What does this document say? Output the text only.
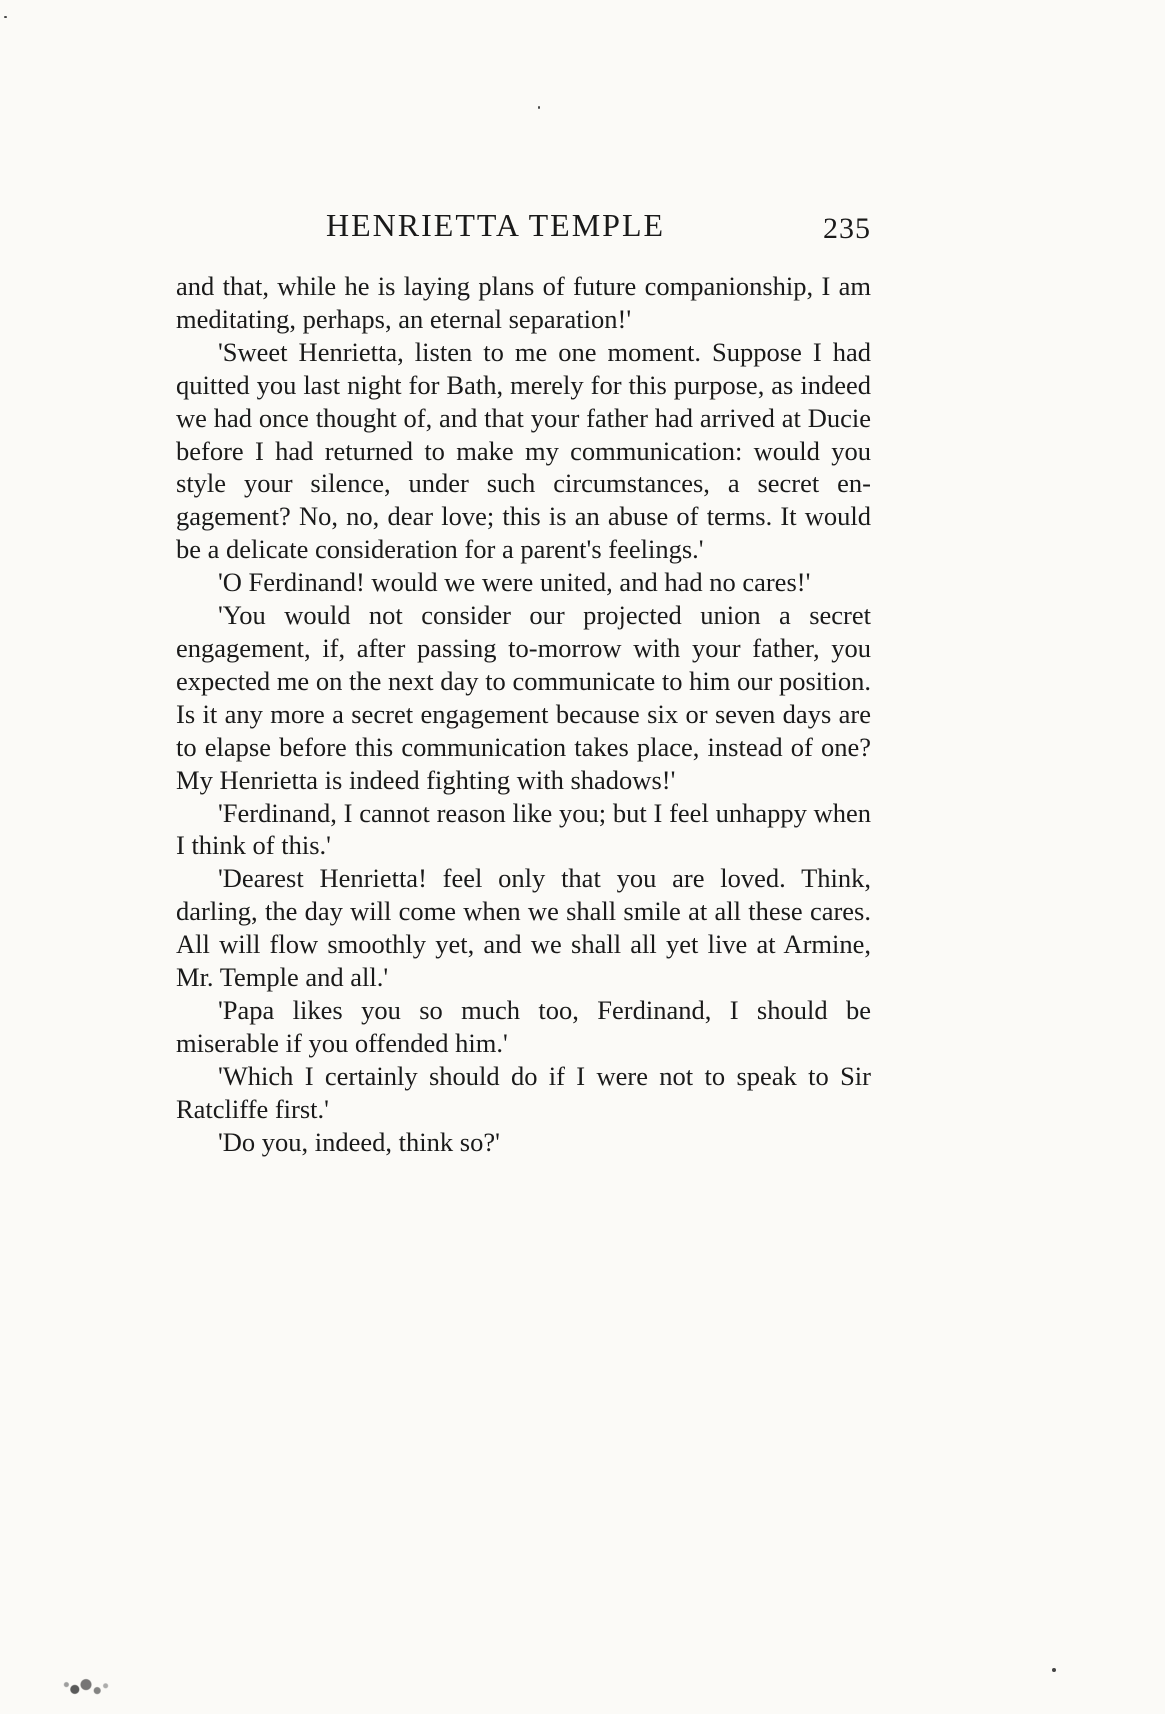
HENRIETTA TEMPLE	235

and that, while he is laying plans of future companionship, I am meditating, perhaps, an eternal separation!'

'Sweet Henrietta, listen to me one moment. Suppose I had quitted you last night for Bath, merely for this purpose, as indeed we had once thought of, and that your father had arrived at Ducie before I had returned to make my communication: would you style your silence, under such circumstances, a secret engagement? No, no, dear love; this is an abuse of terms. It would be a delicate consideration for a parent's feelings.'

'O Ferdinand! would we were united, and had no cares!'

'You would not consider our projected union a secret engagement, if, after passing to-morrow with your father, you expected me on the next day to communicate to him our position. Is it any more a secret engagement because six or seven days are to elapse before this communication takes place, instead of one? My Henrietta is indeed fighting with shadows!'

'Ferdinand, I cannot reason like you; but I feel unhappy when I think of this.'

'Dearest Henrietta! feel only that you are loved. Think, darling, the day will come when we shall smile at all these cares. All will flow smoothly yet, and we shall all yet live at Armine, Mr. Temple and all.'

'Papa likes you so much too, Ferdinand, I should be miserable if you offended him.'

'Which I certainly should do if I were not to speak to Sir Ratcliffe first.'

'Do you, indeed, think so?'
